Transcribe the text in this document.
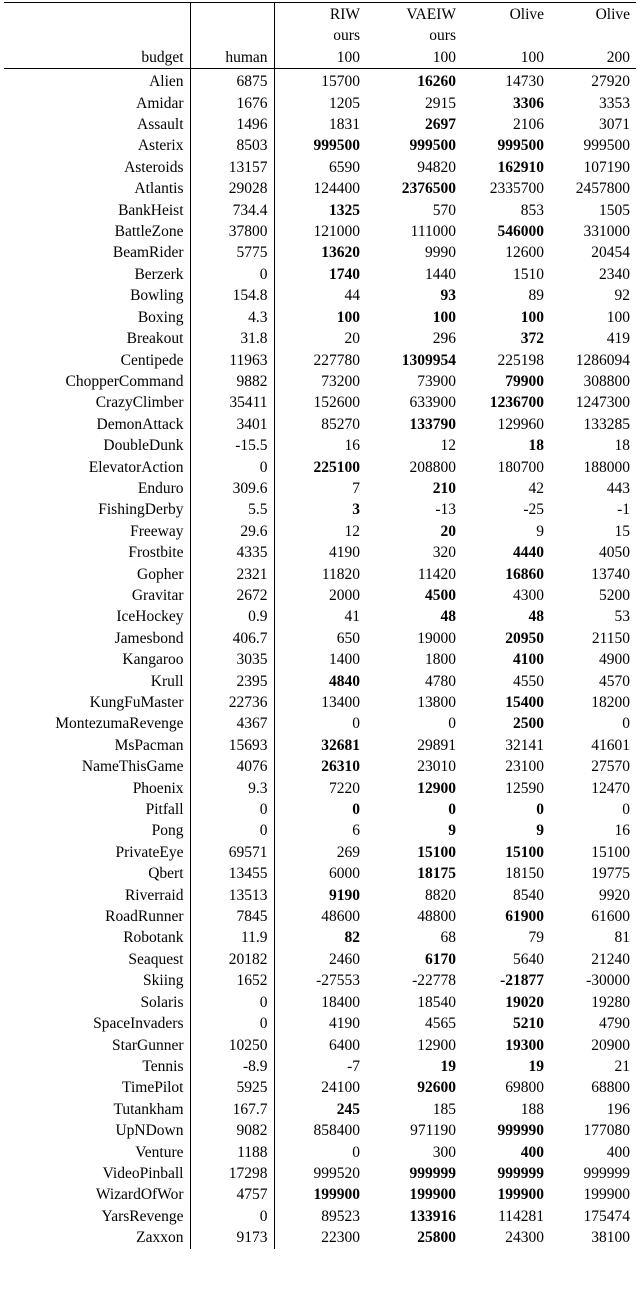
		RIW	VAEIW	Olive	Olive
		ours	ours		
budget	human	100	100	100	200
Alien	6875	15700	16260	14730	27920
Amidar	1676	1205	2915	3306	3353
Assault	1496	1831	2697	2106	3071
Asterix	8503	999500	999500	999500	999500
Asteroids	13157	6590	94820	162910	107190
Atlantis	29028	124400	2376500	2335700	2457800
BankHeist	734.4	1325	570	853	1505
BattleZone	37800	121000	111000	546000	331000
BeamRider	5775	13620	9990	12600	20454
Berzerk	0	1740	1440	1510	2340
Bowling	154.8	44	93	89	92
Boxing	4.3	100	100	100	100
Breakout	31.8	20	296	372	419
Centipede	11963	227780	1309954	225198	1286094
ChopperCommand	9882	73200	73900	79900	308800
CrazyClimber	35411	152600	633900	1236700	1247300
DemonAttack	3401	85270	133790	129960	133285
DoubleDunk	-15.5	16	12	18	18
ElevatorAction	0	225100	208800	180700	188000
Enduro	309.6	7	210	42	443
FishingDerby	5.5	3	-13	-25	-1
Freeway	29.6	12	20	9	15
Frostbite	4335	4190	320	4440	4050
Gopher	2321	11820	11420	16860	13740
Gravitar	2672	2000	4500	4300	5200
IceHockey	0.9	41	48	48	53
Jamesbond	406.7	650	19000	20950	21150
Kangaroo	3035	1400	1800	4100	4900
Krull	2395	4840	4780	4550	4570
KungFuMaster	22736	13400	13800	15400	18200
MontezumaRevenge	4367	0	0	2500	0
MsPacman	15693	32681	29891	32141	41601
NameThisGame	4076	26310	23010	23100	27570
Phoenix	9.3	7220	12900	12590	12470
Pitfall	0	0	0	0	0
Pong	0	6	9	9	16
PrivateEye	69571	269	15100	15100	15100
Qbert	13455	6000	18175	18150	19775
Riverraid	13513	9190	8820	8540	9920
RoadRunner	7845	48600	48800	61900	61600
Robotank	11.9	82	68	79	81
Seaquest	20182	2460	6170	5640	21240
Skiing	1652	-27553	-22778	-21877	-30000
Solaris	0	18400	18540	19020	19280
SpaceInvaders	0	4190	4565	5210	4790
StarGunner	10250	6400	12900	19300	20900
Tennis	-8.9	-7	19	19	21
TimePilot	5925	24100	92600	69800	68800
Tutankham	167.7	245	185	188	196
UpNDown	9082	858400	971190	999990	177080
Venture	1188	0	300	400	400
VideoPinball	17298	999520	999999	999999	999999
WizardOfWor	4757	199900	199900	199900	199900
YarsRevenge	0	89523	133916	114281	175474
Zaxxon	9173	22300	25800	24300	38100
